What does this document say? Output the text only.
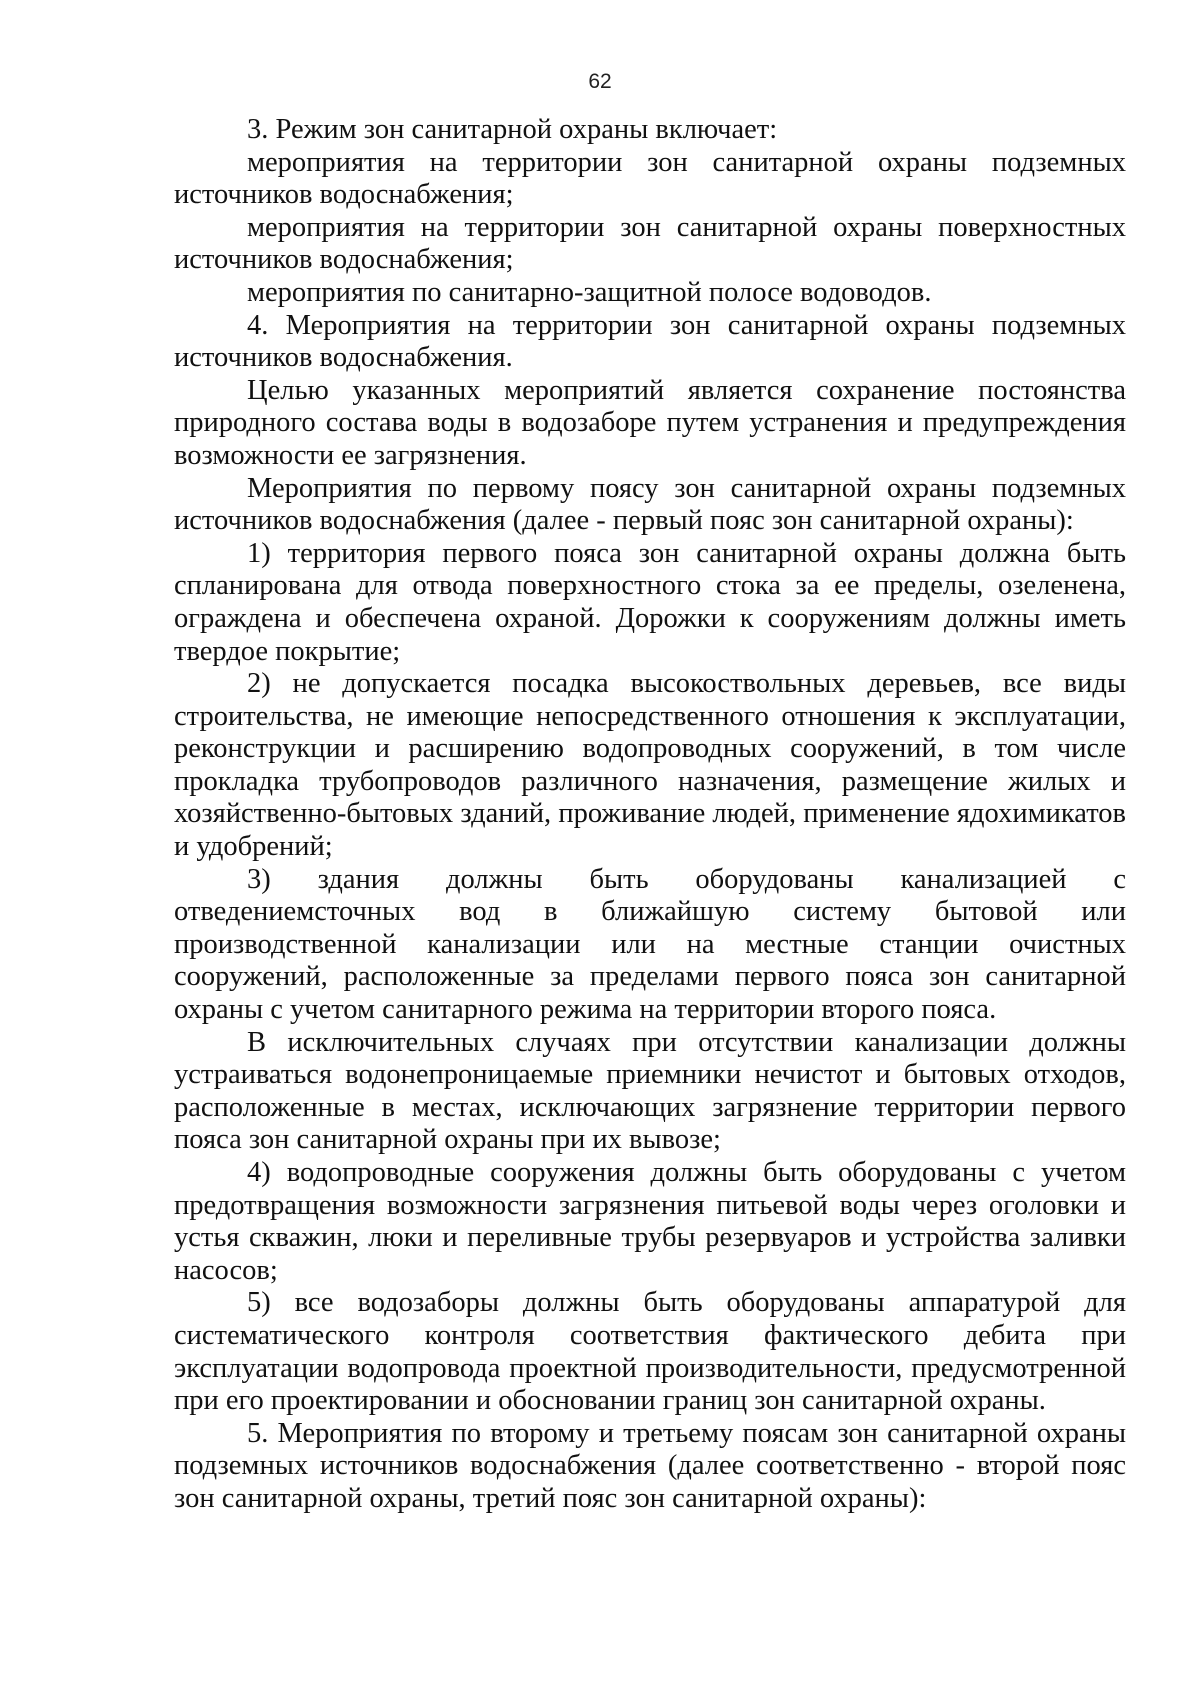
62

3. Режим зон санитарной охраны включает:

мероприятия на территории зон санитарной охраны подземных источников водоснабжения;

мероприятия на территории зон санитарной охраны поверхностных источников водоснабжения;

мероприятия по санитарно-защитной полосе водоводов.

4. Мероприятия на территории зон санитарной охраны подземных источников водоснабжения.

Целью указанных мероприятий является сохранение постоянства природного состава воды в водозаборе путем устранения и предупреждения возможности ее загрязнения.

Мероприятия по первому поясу зон санитарной охраны подземных источников водоснабжения (далее - первый пояс зон санитарной охраны):

1) территория первого пояса зон санитарной охраны должна быть спланирована для отвода поверхностного стока за ее пределы, озеленена, ограждена и обеспечена охраной. Дорожки к сооружениям должны иметь твердое покрытие;

2) не допускается посадка высокоствольных деревьев, все виды строительства, не имеющие непосредственного отношения к эксплуатации, реконструкции и расширению водопроводных сооружений, в том числе прокладка трубопроводов различного назначения, размещение жилых и хозяйственно-бытовых зданий, проживание людей, применение ядохимикатов и удобрений;

3) здания должны быть оборудованы канализацией с отведениемсточных вод в ближайшую систему бытовой или производственной канализации или на местные станции очистных сооружений, расположенные за пределами первого пояса зон санитарной охраны с учетом санитарного режима на территории второго пояса.

В исключительных случаях при отсутствии канализации должны устраиваться водонепроницаемые приемники нечистот и бытовых отходов, расположенные в местах, исключающих загрязнение территории первого пояса зон санитарной охраны при их вывозе;

4) водопроводные сооружения должны быть оборудованы с учетом предотвращения возможности загрязнения питьевой воды через оголовки и устья скважин, люки и переливные трубы резервуаров и устройства заливки насосов;

5) все водозаборы должны быть оборудованы аппаратурой для систематического контроля соответствия фактического дебита при эксплуатации водопровода проектной производительности, предусмотренной при его проектировании и обосновании границ зон санитарной охраны.

5. Мероприятия по второму и третьему поясам зон санитарной охраны подземных источников водоснабжения (далее соответственно - второй пояс зон санитарной охраны, третий пояс зон санитарной охраны):
